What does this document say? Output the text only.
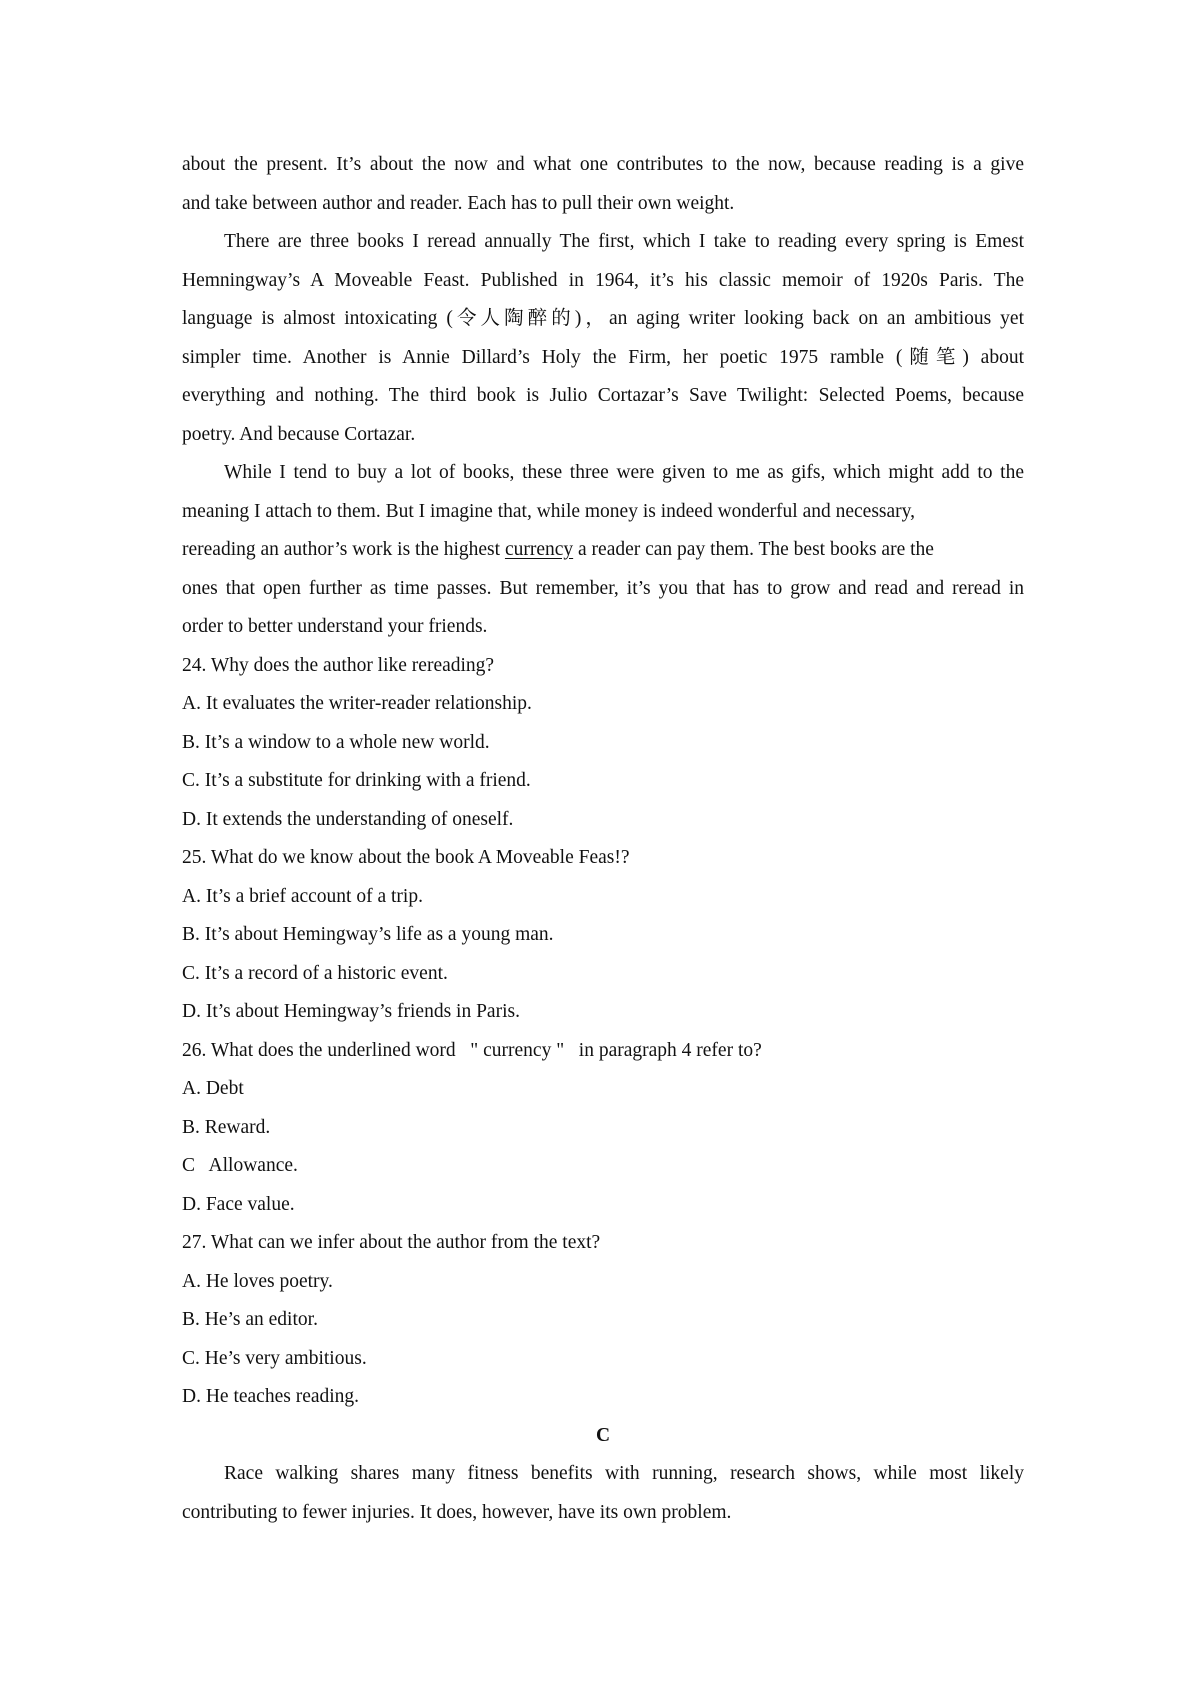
about the present. It’s about the now and what one contributes to the now, because reading is a give
and take between author and reader. Each has to pull their own weight.
There are three books I reread annually The first, which I take to reading every spring is Emest
Hemningway’s A Moveable Feast. Published in 1964, it’s his classic memoir of 1920s Paris. The
language is almost intoxicating (令人陶醉的)，an aging writer looking back on an ambitious yet
simpler time. Another is Annie Dillard’s Holy the Firm, her poetic 1975 ramble (随笔) about
everything and nothing. The third book is Julio Cortazar’s Save Twilight: Selected Poems, because
poetry. And because Cortazar.
While I tend to buy a lot of books, these three were given to me as gifs, which might add to the
meaning I attach to them. But I imagine that, while money is indeed wonderful and necessary,
rereading an author’s work is the highest currency a reader can pay them. The best books are the
ones that open further as time passes. But remember, it’s you that has to grow and read and reread in
order to better understand your friends.
24. Why does the author like rereading?
A. It evaluates the writer-reader relationship.
B. It’s a window to a whole new world.
C. It’s a substitute for drinking with a friend.
D. It extends the understanding of oneself.
25. What do we know about the book A Moveable Feas!?
A. It’s a brief account of a trip.
B. It’s about Hemingway’s life as a young man.
C. It’s a record of a historic event.
D. It’s about Hemingway’s friends in Paris.
26. What does the underlined word   " currency "   in paragraph 4 refer to?
A. Debt
B. Reward.
C   Allowance.
D. Face value.
27. What can we infer about the author from the text?
A. He loves poetry.
B. He’s an editor.
C. He’s very ambitious.
D. He teaches reading.
C
Race walking shares many fitness benefits with running, research shows, while most likely
contributing to fewer injuries. It does, however, have its own problem.
